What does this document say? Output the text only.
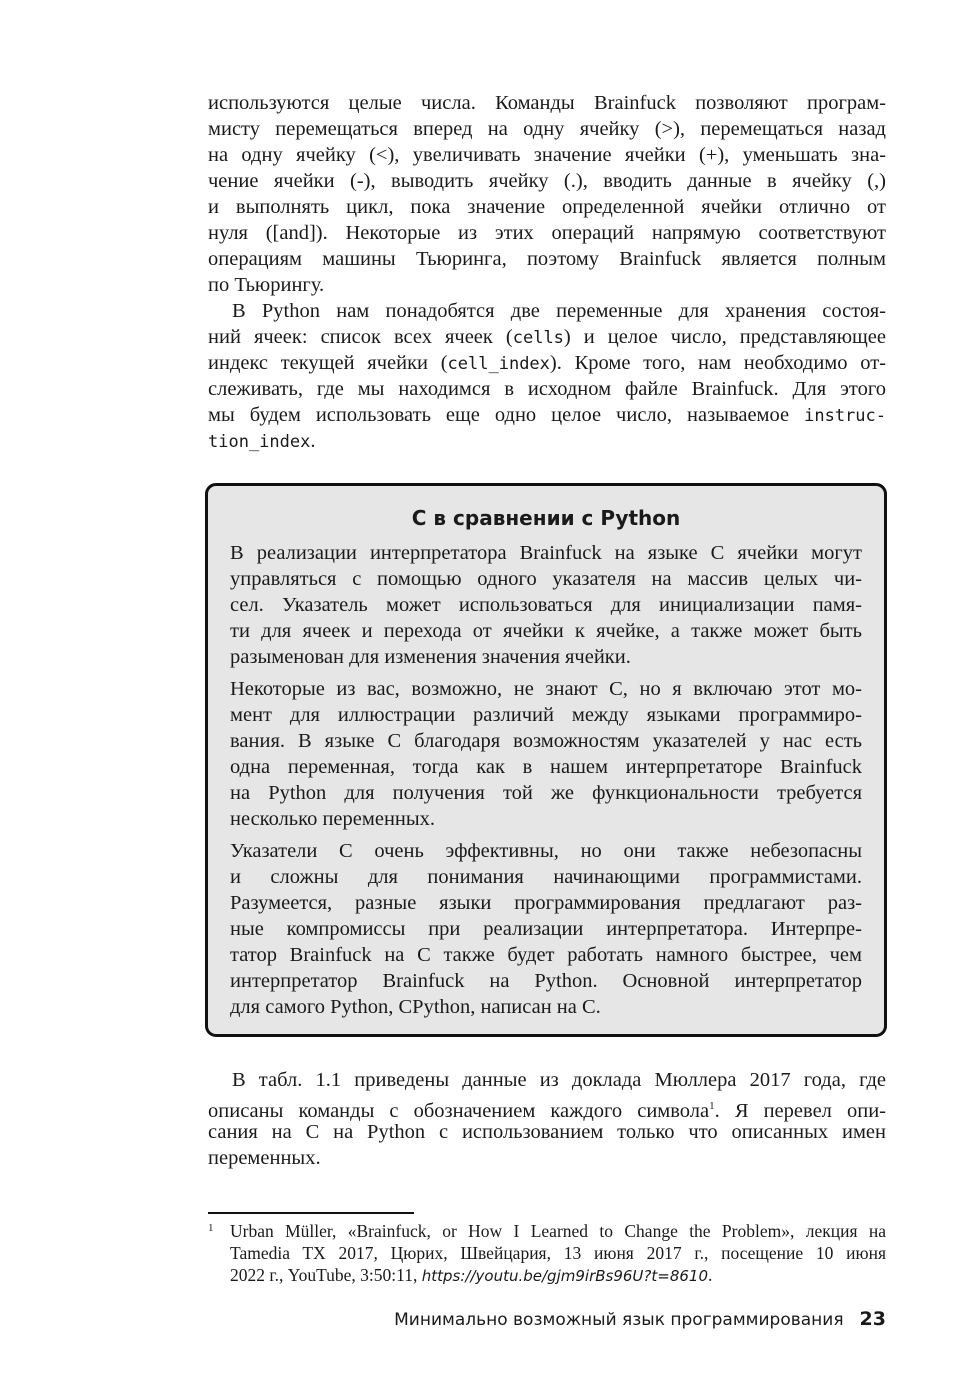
используются целые числа. Команды Brainfuck позволяют програм-
мисту перемещаться вперед на одну ячейку (>), перемещаться назад
на одну ячейку (<), увеличивать значение ячейки (+), уменьшать зна-
чение ячейки (-), выводить ячейку (.), вводить данные в ячейку (,)
и выполнять цикл, пока значение определенной ячейки отлично от
нуля ([and]). Некоторые из этих операций напрямую соответствуют
операциям машины Тьюринга, поэтому Brainfuck является полным
по Тьюрингу.
В Python нам понадобятся две переменные для хранения состоя-
ний ячеек: список всех ячеек (cells) и целое число, представляющее
индекс текущей ячейки (cell_index). Кроме того, нам необходимо от-
слеживать, где мы находимся в исходном файле Brainfuck. Для этого
мы будем использовать еще одно целое число, называемое instruc-
tion_index.
С в сравнении с Python
В реализации интерпретатора Brainfuck на языке С ячейки могут
управляться с помощью одного указателя на массив целых чи-
сел. Указатель может использоваться для инициализации памя-
ти для ячеек и перехода от ячейки к ячейке, а также может быть
разыменован для изменения значения ячейки.
Некоторые из вас, возможно, не знают С, но я включаю этот мо-
мент для иллюстрации различий между языками программиро-
вания. В языке С благодаря возможностям указателей у нас есть
одна переменная, тогда как в нашем интерпретаторе Brainfuck
на Python для получения той же функциональности требуется
несколько переменных.
Указатели С очень эффективны, но они также небезопасны
и сложны для понимания начинающими программистами.
Разумеется, разные языки программирования предлагают раз-
ные компромиссы при реализации интерпретатора. Интерпре-
татор Brainfuck на С также будет работать намного быстрее, чем
интерпретатор Brainfuck на Python. Основной интерпретатор
для самого Python, CPython, написан на С.
В табл. 1.1 приведены данные из доклада Мюллера 2017 года, где
описаны команды с обозначением каждого символа$^1$. Я перевел опи-
сания на С на Python с использованием только что описанных имен
переменных.
1 Urban Müller, «Brainfuck, or How I Learned to Change the Problem», лекция на
Tamedia TX 2017, Цюрих, Швейцария, 13 июня 2017 г., посещение 10 июня
2022 г., YouTube, 3:50:11, https://youtu.be/gjm9irBs96U?t=8610.
Минимально возможный язык программирования 23
